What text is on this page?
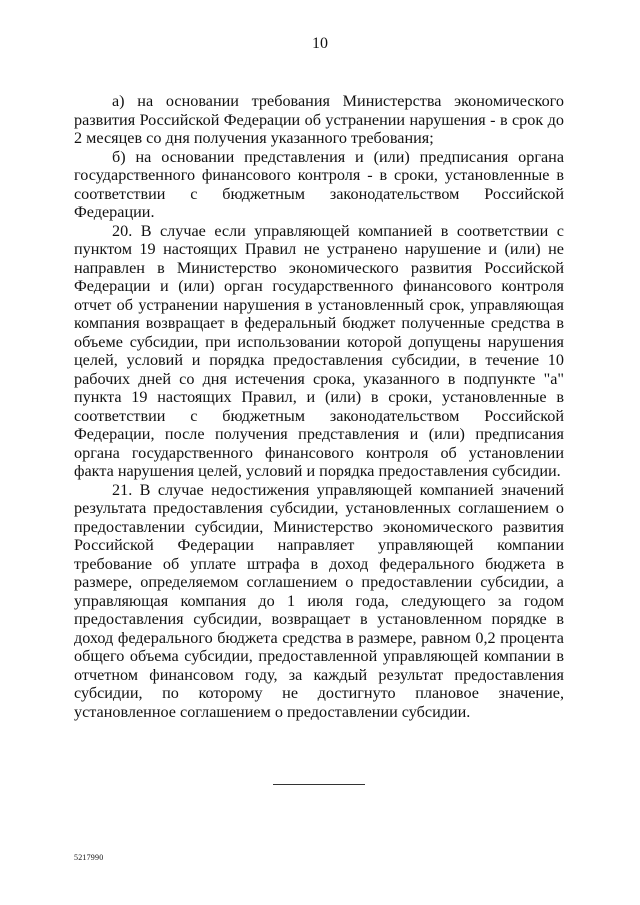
10

а) на основании требования Министерства экономического развития Российской Федерации об устранении нарушения - в срок до 2 месяцев со дня получения указанного требования;

б) на основании представления и (или) предписания органа государственного финансового контроля - в сроки, установленные в соответствии с бюджетным законодательством Российской Федерации.

20. В случае если управляющей компанией в соответствии с пунктом 19 настоящих Правил не устранено нарушение и (или) не направлен в Министерство экономического развития Российской Федерации и (или) орган государственного финансового контроля отчет об устранении нарушения в установленный срок, управляющая компания возвращает в федеральный бюджет полученные средства в объеме субсидии, при использовании которой допущены нарушения целей, условий и порядка предоставления субсидии, в течение 10 рабочих дней со дня истечения срока, указанного в подпункте "а" пункта 19 настоящих Правил, и (или) в сроки, установленные в соответствии с бюджетным законодательством Российской Федерации, после получения представления и (или) предписания органа государственного финансового контроля об установлении факта нарушения целей, условий и порядка предоставления субсидии.

21. В случае недостижения управляющей компанией значений результата предоставления субсидии, установленных соглашением о предоставлении субсидии, Министерство экономического развития Российской Федерации направляет управляющей компании требование об уплате штрафа в доход федерального бюджета в размере, определяемом соглашением о предоставлении субсидии, а управляющая компания до 1 июля года, следующего за годом предоставления субсидии, возвращает в установленном порядке в доход федерального бюджета средства в размере, равном 0,2 процента общего объема субсидии, предоставленной управляющей компании в отчетном финансовом году, за каждый результат предоставления субсидии, по которому не достигнуто плановое значение, установленное соглашением о предоставлении субсидии.

5217990
